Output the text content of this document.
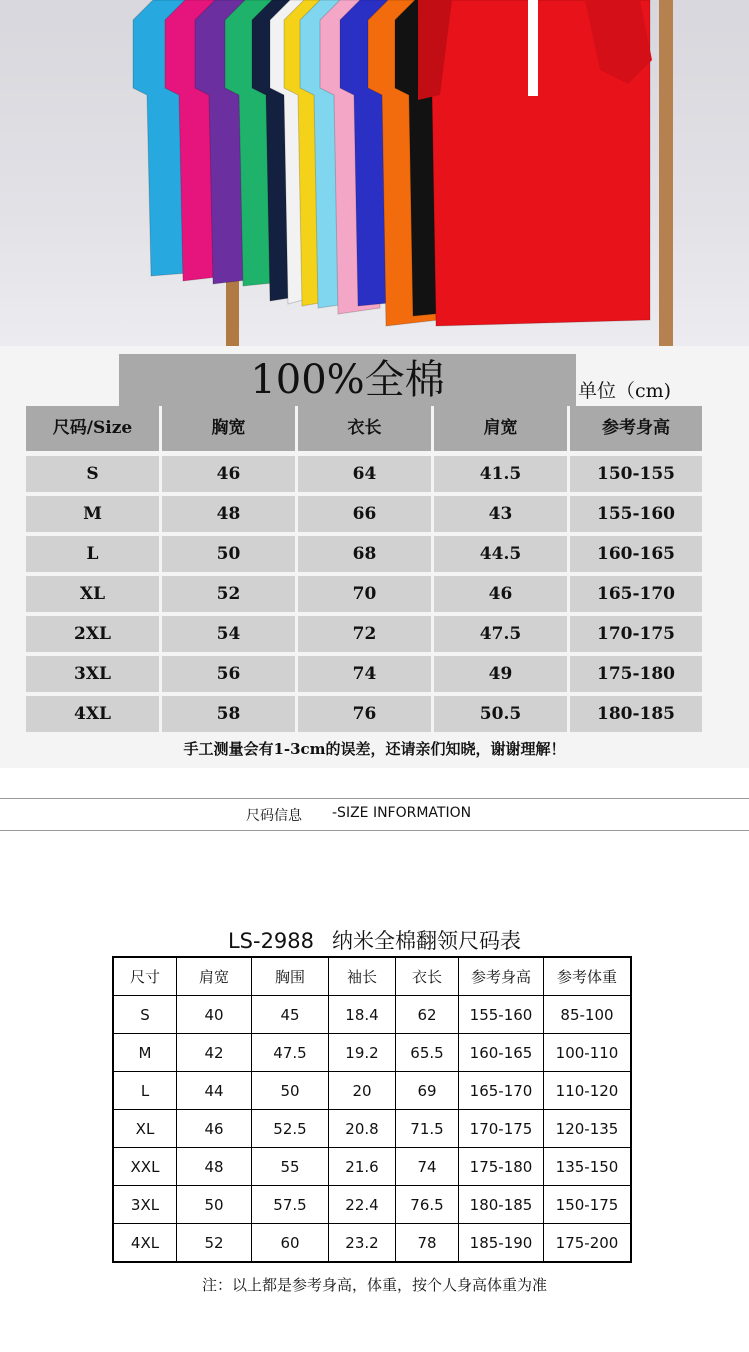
100%全棉	单位（cm)
尺码/Size	胸宽	衣长	肩宽	参考身高
S	46	64	41.5	150-155
M	48	66	43	155-160
L	50	68	44.5	160-165
XL	52	70	46	165-170
2XL	54	72	47.5	170-175
3XL	56	74	49	175-180
4XL	58	76	50.5	180-185
手工测量会有1-3cm的误差，还请亲们知晓，谢谢理解！
尺码信息 -SIZE INFORMATION
LS-2988 纳米全棉翻领尺码表
尺寸	肩宽	胸围	袖长	衣长	参考身高	参考体重
S	40	45	18.4	62	155-160	85-100
M	42	47.5	19.2	65.5	160-165	100-110
L	44	50	20	69	165-170	110-120
XL	46	52.5	20.8	71.5	170-175	120-135
XXL	48	55	21.6	74	175-180	135-150
3XL	50	57.5	22.4	76.5	180-185	150-175
4XL	52	60	23.2	78	185-190	175-200
注：以上都是参考身高，体重，按个人身高体重为准
